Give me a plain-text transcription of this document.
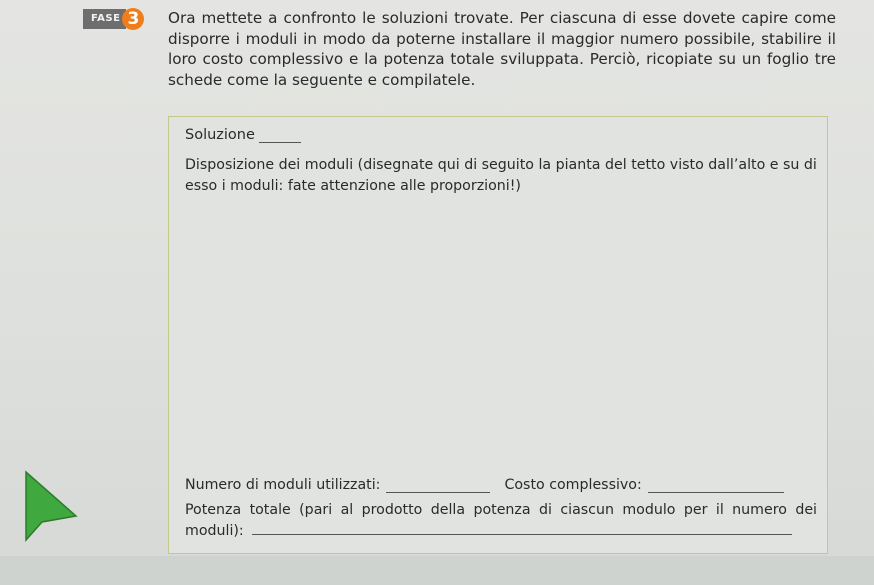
FASE 3	Ora mettete a confronto le soluzioni trovate. Per ciascuna di esse dovete capire come disporre i moduli in modo da poterne installare il maggior numero possibile, stabilire il loro costo complessivo e la potenza totale sviluppata. Perciò, ricopiate su un foglio tre schede come la seguente e compilatele.

Soluzione

Disposizione dei moduli (disegnate qui di seguito la pianta del tetto visto dall’alto e su di esso i moduli: fate attenzione alle proporzioni!)

Numero di moduli utilizzati:	Costo complessivo:

Potenza totale (pari al prodotto della potenza di ciascun modulo per il numero dei moduli):
